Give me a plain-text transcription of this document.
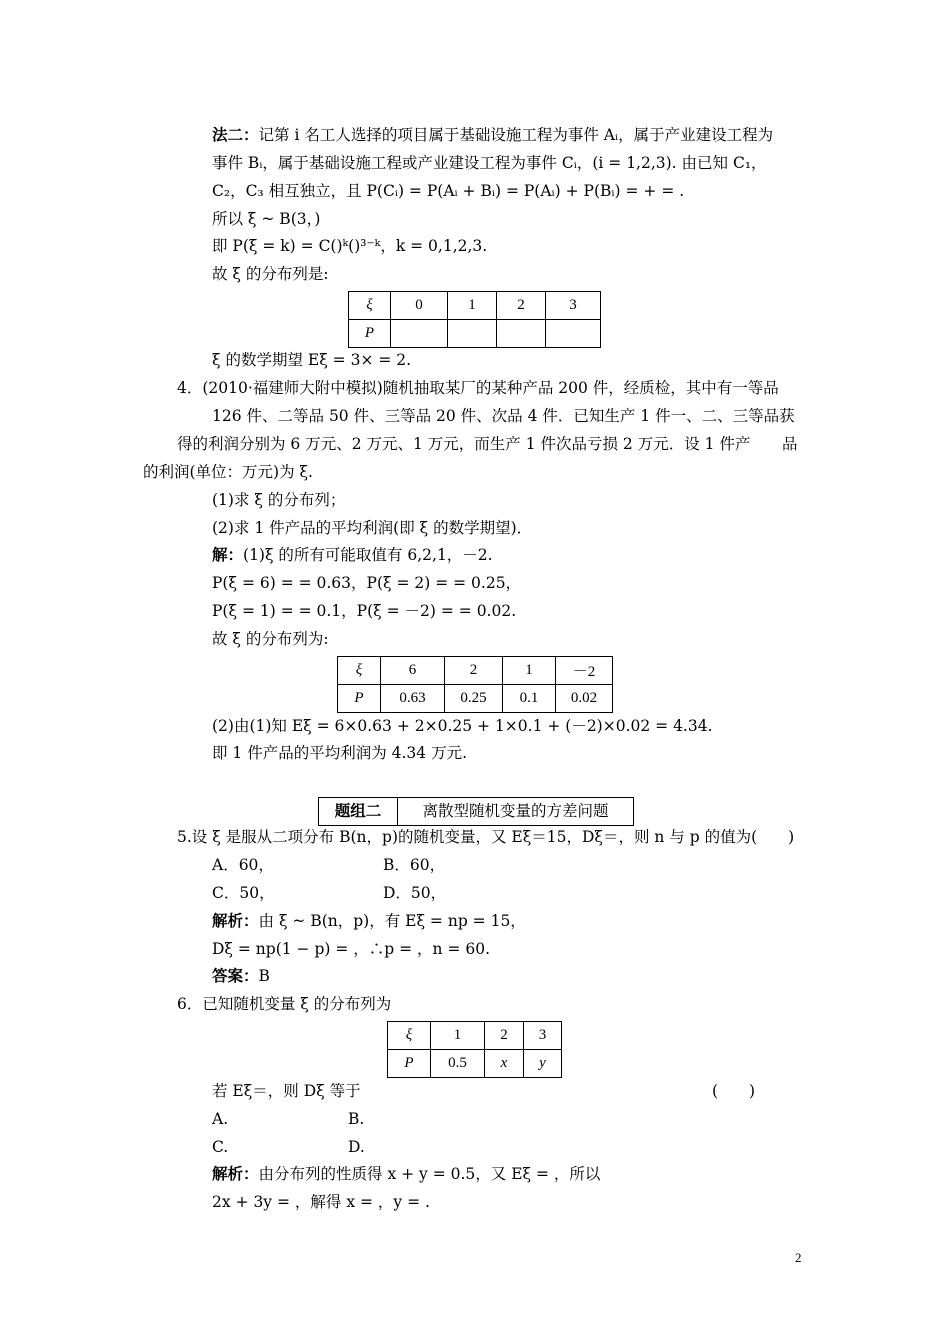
法二：记第 i 名工人选择的项目属于基础设施工程为事件 Aᵢ，属于产业建设工程为
事件 Bᵢ，属于基础设施工程或产业建设工程为事件 Cᵢ，(i = 1,2,3). 由已知 C₁，
C₂，C₃ 相互独立，且 P(Cᵢ) = P(Aᵢ + Bᵢ) = P(Aᵢ) + P(Bᵢ) = + = .
所以 ξ ~ B(3，)
即 P(ξ = k) = C()ᵏ()³⁻ᵏ，k = 0,1,2,3.
故 ξ 的分布列是:
ξ	0	1	2	3
P				
ξ 的数学期望 Eξ = 3× = 2.
4．(2010·福建师大附中模拟)随机抽取某厂的某种产品 200 件，经质检，其中有一等品
126 件、二等品 50 件、三等品 20 件、次品 4 件．已知生产 1 件一、二、三等品获
得的利润分别为 6 万元、2 万元、1 万元，而生产 1 件次品亏损 2 万元．设 1 件产 品
的利润(单位：万元)为 ξ.
(1)求 ξ 的分布列；
(2)求 1 件产品的平均利润(即 ξ 的数学期望)．
解：(1)ξ 的所有可能取值有 6,2,1，－2.
P(ξ = 6) = = 0.63，P(ξ = 2) = = 0.25，
P(ξ = 1) = = 0.1，P(ξ = －2) = = 0.02.
故 ξ 的分布列为:
ξ	6	2	1	－2
P	0.63	0.25	0.1	0.02
(2)由(1)知 Eξ = 6×0.63 + 2×0.25 + 1×0.1 + (－2)×0.02 = 4.34.
即 1 件产品的平均利润为 4.34 万元.
题组二	离散型随机变量的方差问题
5.设 ξ 是服从二项分布 B(n，p)的随机变量，又 Eξ＝15，Dξ＝，则 n 与 p 的值为(　　)
A．60，	B．60，
C．50，	D．50，
解析：由 ξ ~ B(n，p)，有 Eξ = np = 15，
Dξ = np(1 − p) = ，∴p = ，n = 60.
答案：B
6．已知随机变量 ξ 的分布列为
ξ	1	2	3
P	0.5	x	y
若 Eξ＝，则 Dξ 等于	(　　)
A.	B.
C.	D.
解析：由分布列的性质得 x + y = 0.5，又 Eξ = ，所以
2x + 3y = ，解得 x = ，y = .
2
